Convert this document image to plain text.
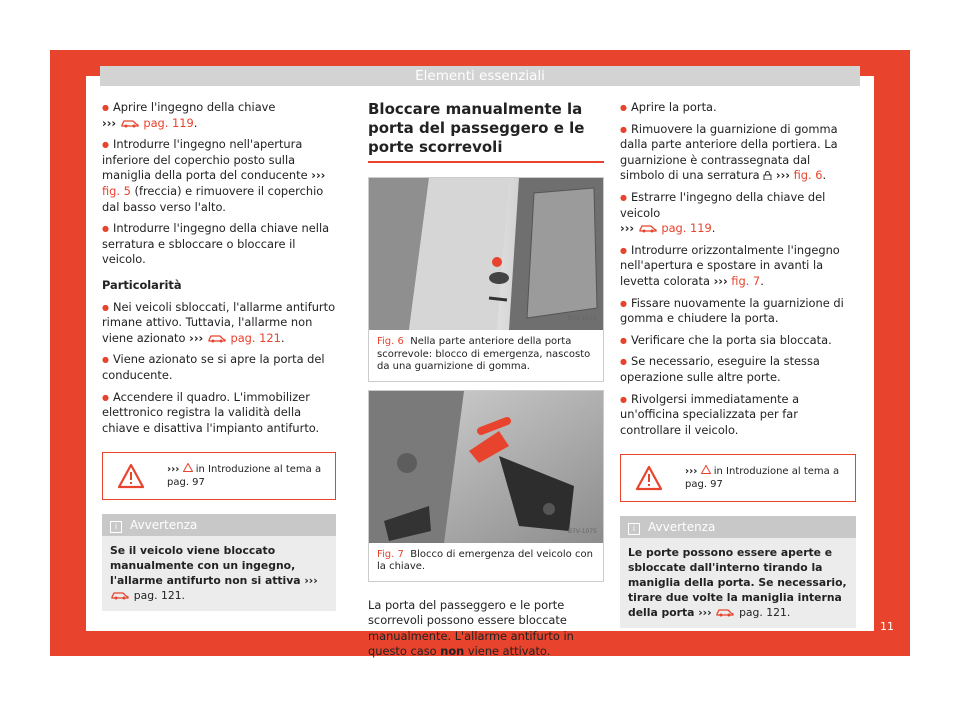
Elementi essenziali

● Aprire l'ingegno della chiave
››› pag. 119.

● Introdurre l'ingegno nell'apertura inferiore del coperchio posto sulla maniglia della porta del conducente ››› fig. 5 (freccia) e rimuovere il coperchio dal basso verso l'alto.

● Introdurre l'ingegno della chiave nella serratura e sbloccare o bloccare il veicolo.

Particolarità

● Nei veicoli sbloccati, l'allarme antifurto rimane attivo. Tuttavia, l'allarme non viene azionato ››› pag. 121.

● Viene azionato se si apre la porta del conducente.

● Accendere il quadro. L'immobilizer elettronico registra la validità della chiave e disattiva l'impianto antifurto.

››› in Introduzione al tema a pag. 97
i Avvertenza
Se il veicolo viene bloccato manualmente con un ingegno, l'allarme antifurto non si attiva ›››  pag. 121.
Bloccare manualmente la porta del passeggero e le porte scorrevoli
B7V-1074
Fig. 6 Nella parte anteriore della porta scorrevole: blocco di emergenza, nascosto da una guarnizione di gomma.
B7V-1075
Fig. 7 Blocco di emergenza del veicolo con la chiave.

La porta del passeggero e le porte scorrevoli possono essere bloccate manualmente. L'allarme antifurto in questo caso non viene attivato.

● Aprire la porta.

● Rimuovere la guarnizione di gomma dalla parte anteriore della portiera. La guarnizione è contrassegnata dal simbolo di una serratura ››› fig. 6.

● Estrarre l'ingegno della chiave del veicolo
››› pag. 119.

● Introdurre orizzontalmente l'ingegno nell'apertura e spostare in avanti la levetta colorata ››› fig. 7.

● Fissare nuovamente la guarnizione di gomma e chiudere la porta.

● Verificare che la porta sia bloccata.

● Se necessario, eseguire la stessa operazione sulle altre porte.

● Rivolgersi immediatamente a un'officina specializzata per far controllare il veicolo.

››› in Introduzione al tema a pag. 97
i Avvertenza
Le porte possono essere aperte e sbloccate dall'interno tirando la maniglia della porta. Se necessario, tirare due volte la maniglia interna della porta ›››	pag. 121.
11
